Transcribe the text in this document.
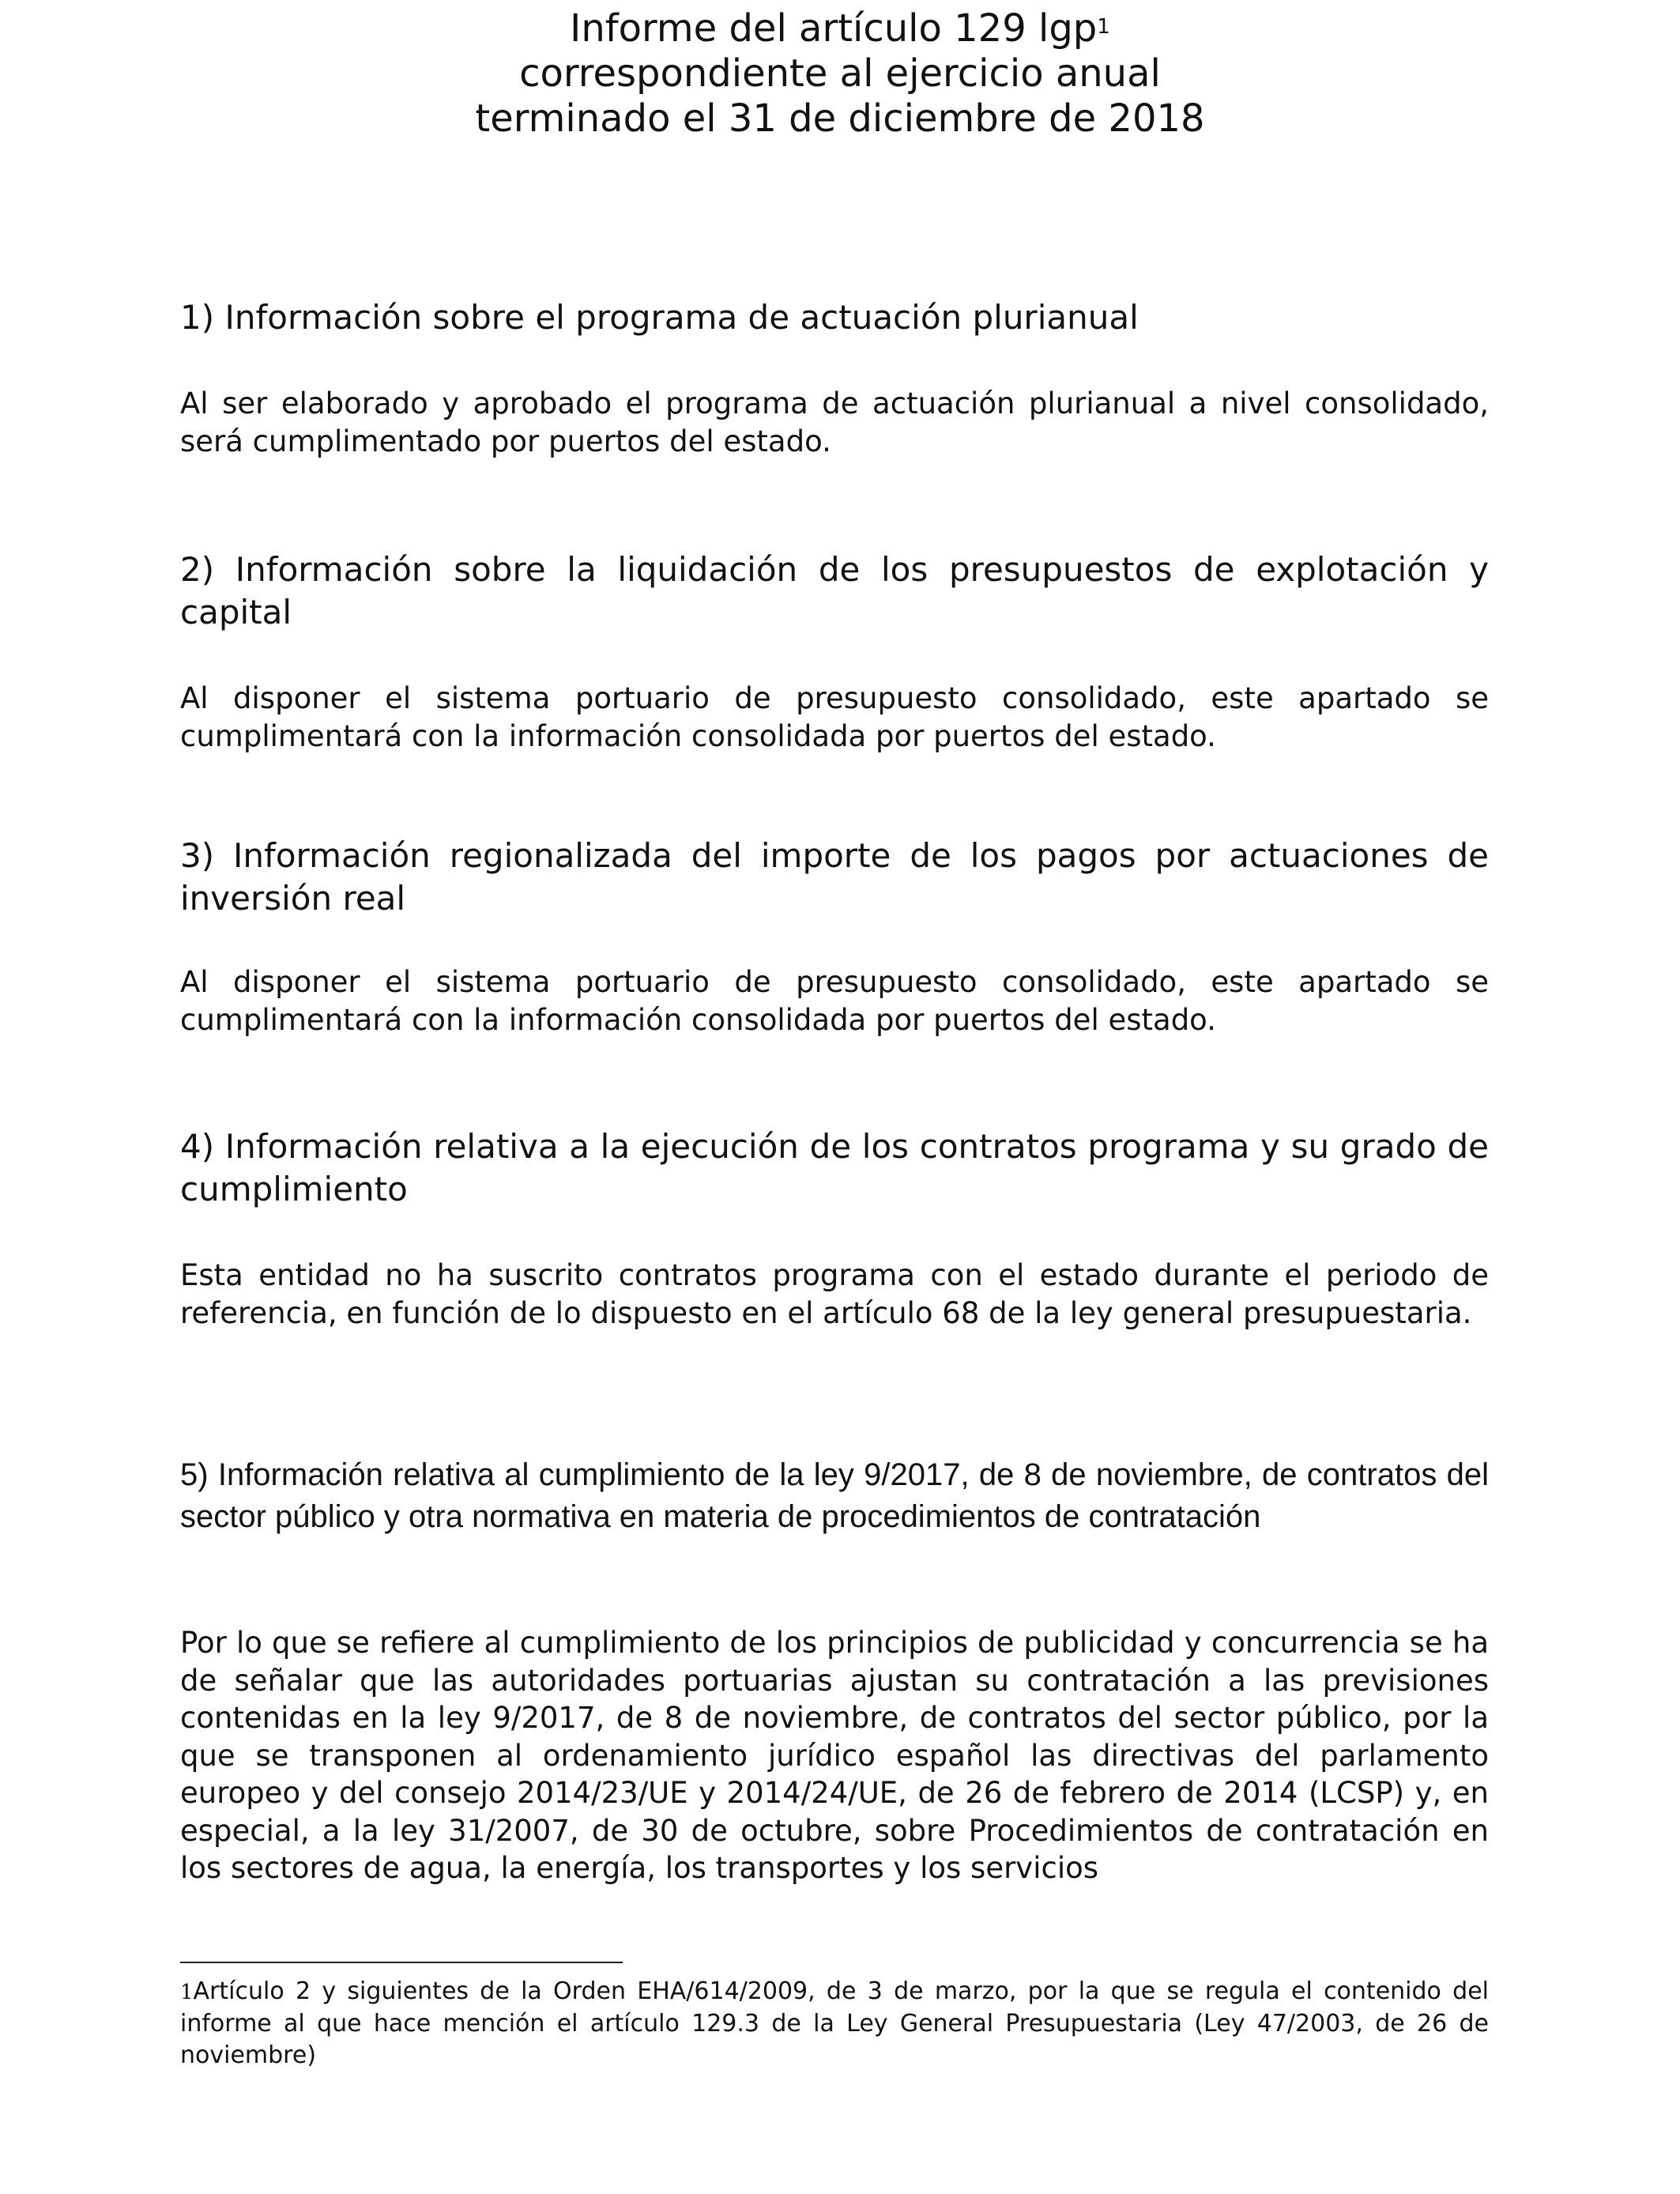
Informe del artículo 129 lgp$^1$
correspondiente al ejercicio anual
terminado el 31 de diciembre de 2018
1) Información sobre el programa de actuación plurianual

Al ser elaborado y aprobado el programa de actuación plurianual a nivel consolidado, será cumplimentado por puertos del estado.

2) Información sobre la liquidación de los presupuestos de explotación y capital

Al disponer el sistema portuario de presupuesto consolidado, este apartado se cumplimentará con la información consolidada por puertos del estado.

3) Información regionalizada del importe de los pagos por actuaciones de inversión real

Al disponer el sistema portuario de presupuesto consolidado, este apartado se cumplimentará con la información consolidada por puertos del estado.

4) Información relativa a la ejecución de los contratos programa y su grado de cumplimiento

Esta entidad no ha suscrito contratos programa con el estado durante el periodo de referencia, en función de lo dispuesto en el artículo 68 de la ley general presupuestaria.

5) Información relativa al cumplimiento de la ley 9/2017, de 8 de noviembre, de contratos del sector público y otra normativa en materia de procedimientos de contratación

Por lo que se refiere al cumplimiento de los principios de publicidad y concurrencia se ha de señalar que las autoridades portuarias ajustan su contratación a las previsiones contenidas en la ley 9/2017, de 8 de noviembre, de contratos del sector público, por la que se transponen al ordenamiento jurídico español las directivas del parlamento europeo y del consejo 2014/23/UE y 2014/24/UE, de 26 de febrero de 2014 (LCSP) y, en especial, a la ley 31/2007, de 30 de octubre, sobre Procedimientos de contratación en los sectores de agua, la energía, los transportes y los servicios

1Artículo 2 y siguientes de la Orden EHA/614/2009, de 3 de marzo, por la que se regula el contenido del informe al que hace mención el artículo 129.3 de la Ley General Presupuestaria (Ley 47/2003, de 26 de noviembre)
